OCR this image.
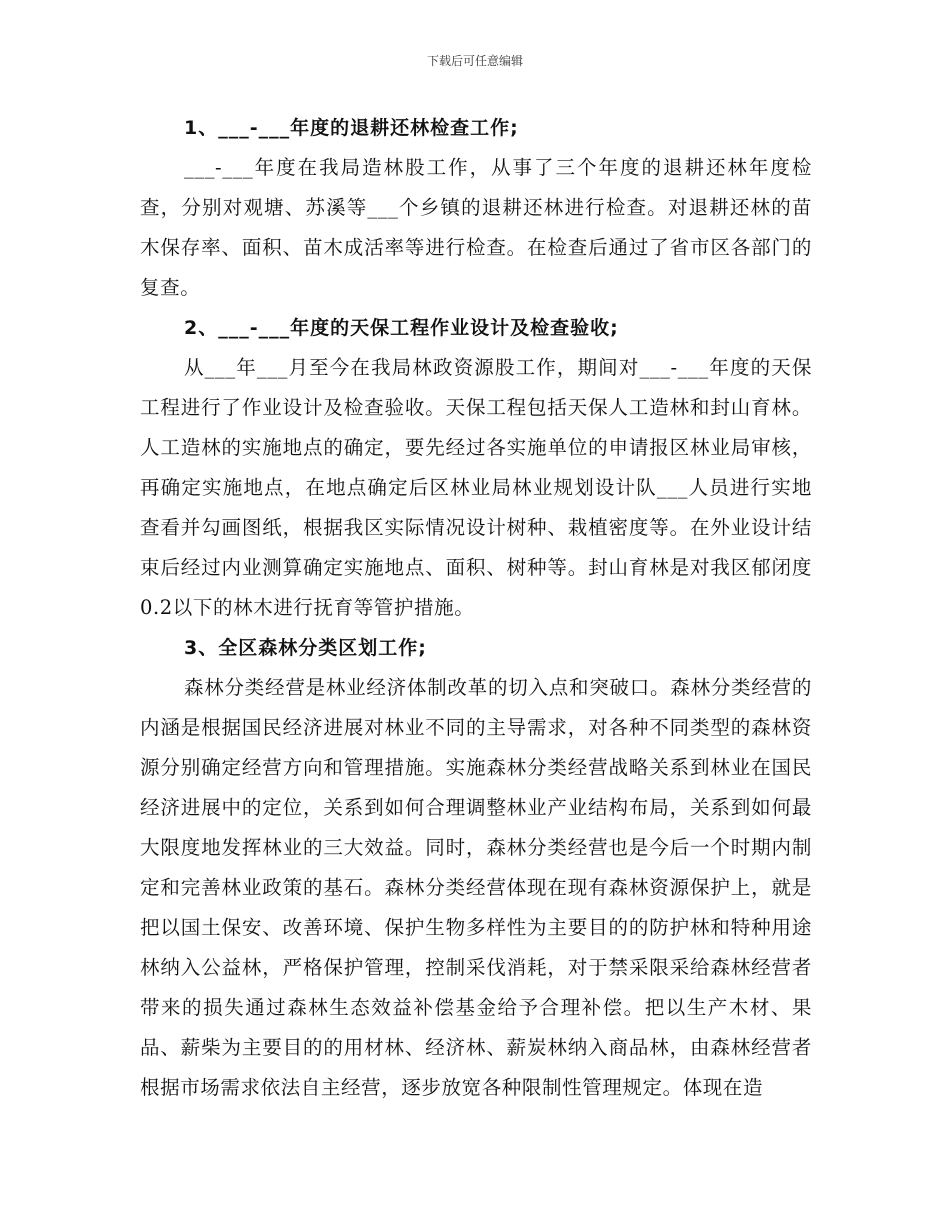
下载后可任意编辑

1、___-___年度的退耕还林检查工作;

___-___年度在我局造林股工作，从事了三个年度的退耕还林年度检查，分别对观塘、苏溪等___个乡镇的退耕还林进行检查。对退耕还林的苗木保存率、面积、苗木成活率等进行检查。在检查后通过了省市区各部门的复查。

2、___-___年度的天保工程作业设计及检查验收;

从___年___月至今在我局林政资源股工作，期间对___-___年度的天保工程进行了作业设计及检查验收。天保工程包括天保人工造林和封山育林。人工造林的实施地点的确定，要先经过各实施单位的申请报区林业局审核，再确定实施地点，在地点确定后区林业局林业规划设计队___人员进行实地查看并勾画图纸，根据我区实际情况设计树种、栽植密度等。在外业设计结束后经过内业测算确定实施地点、面积、树种等。封山育林是对我区郁闭度0.2以下的林木进行抚育等管护措施。

3、全区森林分类区划工作;

森林分类经营是林业经济体制改革的切入点和突破口。森林分类经营的内涵是根据国民经济进展对林业不同的主导需求，对各种不同类型的森林资源分别确定经营方向和管理措施。实施森林分类经营战略关系到林业在国民经济进展中的定位，关系到如何合理调整林业产业结构布局，关系到如何最大限度地发挥林业的三大效益。同时，森林分类经营也是今后一个时期内制定和完善林业政策的基石。森林分类经营体现在现有森林资源保护上，就是把以国土保安、改善环境、保护生物多样性为主要目的的防护林和特种用途林纳入公益林，严格保护管理，控制采伐消耗，对于禁采限采给森林经营者带来的损失通过森林生态效益补偿基金给予合理补偿。把以生产木材、果品、薪柴为主要目的的用材林、经济林、薪炭林纳入商品林，由森林经营者根据市场需求依法自主经营，逐步放宽各种限制性管理规定。体现在造
